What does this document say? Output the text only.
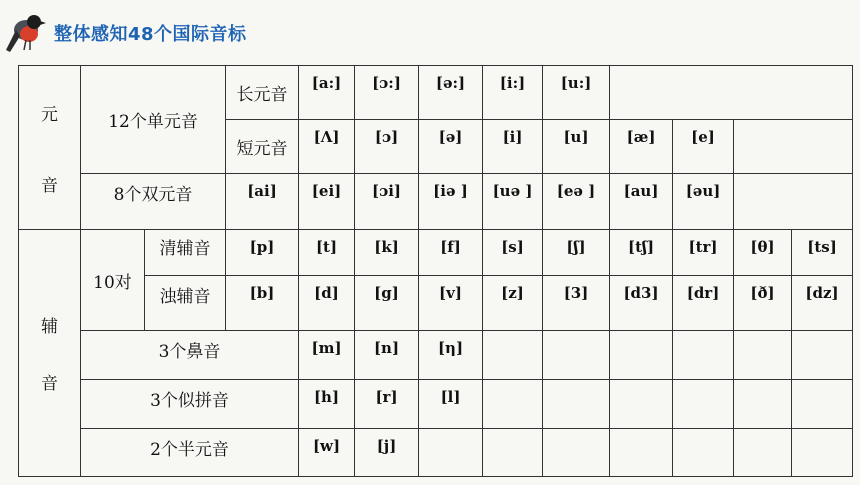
整体感知48个国际音标
元
音	12个单元音		长元音	[a:]	[ɔ:]	[ə:]	[i:]	[u:]				
			短元音	[Λ]	[ɔ]	[ə]	[i]	[u]	[æ]	[e]		
	8个双元音		[ai]	[ei]	[ɔi]	[iə ]	[uə ]	[eə ]	[au]	[əu]		

辅
音	10对	清辅音	[p]	[t]	[k]	[f]	[s]	[ʃ]	[tʃ]	[tr]	[θ]	[ts]
		浊辅音	[b]	[d]	[g]	[v]	[z]	[3]	[d3]	[dr]	[ð]	[dz]
	3个鼻音			[m]	[n]	[η]						
	3个似拼音			[h]	[r]	[l]						
	2个半元音			[w]	[j]							
